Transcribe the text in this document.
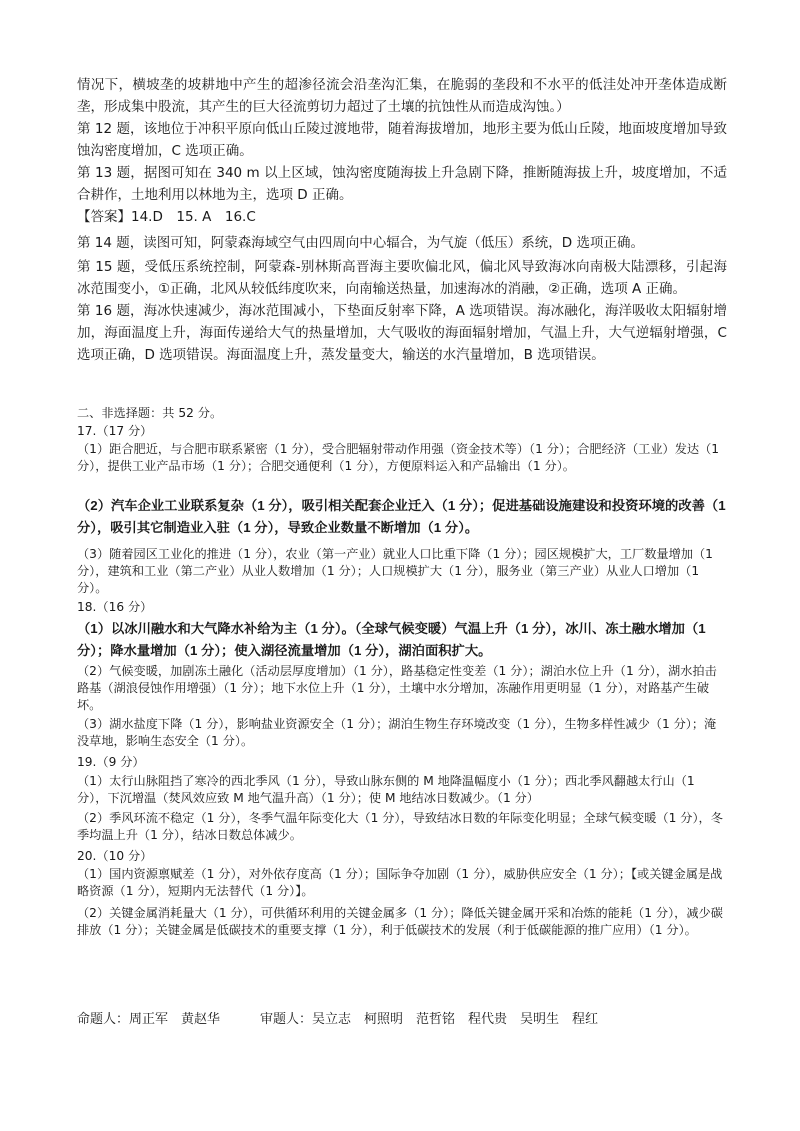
情况下，横坡垄的坡耕地中产生的超渗径流会沿垄沟汇集，在脆弱的垄段和不水平的低洼处冲开垄体造成断垄，形成集中股流，其产生的巨大径流剪切力超过了土壤的抗蚀性从而造成沟蚀。）

第 12 题，该地位于冲积平原向低山丘陵过渡地带，随着海拔增加，地形主要为低山丘陵，地面坡度增加导致蚀沟密度增加，C 选项正确。

第 13 题，据图可知在 340 m 以上区域，蚀沟密度随海拔上升急剧下降，推断随海拔上升，坡度增加，不适合耕作，土地利用以林地为主，选项 D 正确。

【答案】14.D　15. A　16.C

第 14 题，读图可知，阿蒙森海域空气由四周向中心辐合，为气旋（低压）系统，D 选项正确。

第 15 题，受低压系统控制，阿蒙森-别林斯高晋海主要吹偏北风，偏北风导致海冰向南极大陆漂移，引起海冰范围变小，①正确，北风从较低纬度吹来，向南输送热量，加速海冰的消融，②正确，选项 A 正确。

第 16 题，海冰快速减少，海冰范围减小，下垫面反射率下降，A 选项错误。海冰融化，海洋吸收太阳辐射增加，海面温度上升，海面传递给大气的热量增加，大气吸收的海面辐射增加，气温上升，大气逆辐射增强，C 选项正确，D 选项错误。海面温度上升，蒸发量变大，输送的水汽量增加，B 选项错误。

二、非选择题：共 52 分。

17.（17 分）

（1）距合肥近，与合肥市联系紧密（1 分），受合肥辐射带动作用强（资金技术等）（1 分）；合肥经济（工业）发达（1 分），提供工业产品市场（1 分）；合肥交通便利（1 分），方便原料运入和产品输出（1 分）。

（2）汽车企业工业联系复杂（1 分），吸引相关配套企业迁入（1 分）；促进基础设施建设和投资环境的改善（1 分），吸引其它制造业入驻（1 分），导致企业数量不断增加（1 分）。

（3）随着园区工业化的推进（1 分），农业（第一产业）就业人口比重下降（1 分）；园区规模扩大，工厂数量增加（1 分），建筑和工业（第二产业）从业人数增加（1 分）；人口规模扩大（1 分），服务业（第三产业）从业人口增加（1 分）。

18.（16 分）

（1）以冰川融水和大气降水补给为主（1 分）。（全球气候变暖）气温上升（1 分），冰川、冻土融水增加（1 分）；降水量增加（1 分）；使入湖径流量增加（1 分），湖泊面积扩大。

（2）气候变暖，加剧冻土融化（活动层厚度增加）（1 分），路基稳定性变差（1 分）；湖泊水位上升（1 分），湖水拍击路基（湖浪侵蚀作用增强）（1 分）；地下水位上升（1 分），土壤中水分增加，冻融作用更明显（1 分），对路基产生破坏。

（3）湖水盐度下降（1 分），影响盐业资源安全（1 分）；湖泊生物生存环境改变（1 分），生物多样性减少（1 分）；淹没草地，影响生态安全（1 分）。

19.（9 分）

（1）太行山脉阻挡了寒冷的西北季风（1 分），导致山脉东侧的 M 地降温幅度小（1 分）；西北季风翻越太行山（1 分），下沉增温（焚风效应致 M 地气温升高）（1 分）；使 M 地结冰日数减少。（1 分）

（2）季风环流不稳定（1 分），冬季气温年际变化大（1 分），导致结冰日数的年际变化明显；全球气候变暖（1 分），冬季均温上升（1 分），结冰日数总体减少。

20.（10 分）

（1）国内资源禀赋差（1 分），对外依存度高（1 分）；国际争夺加剧（1 分），威胁供应安全（1 分）；【或关键金属是战略资源（1 分），短期内无法替代（1 分）】。

（2）关键金属消耗量大（1 分），可供循环利用的关键金属多（1 分）；降低关键金属开采和冶炼的能耗（1 分），减少碳排放（1 分）；关键金属是低碳技术的重要支撑（1 分），利于低碳技术的发展（利于低碳能源的推广应用）（1 分）。

命题人：周正军　黄赵华	审题人：吴立志　柯照明　范哲铭　程代贵　吴明生　程红
